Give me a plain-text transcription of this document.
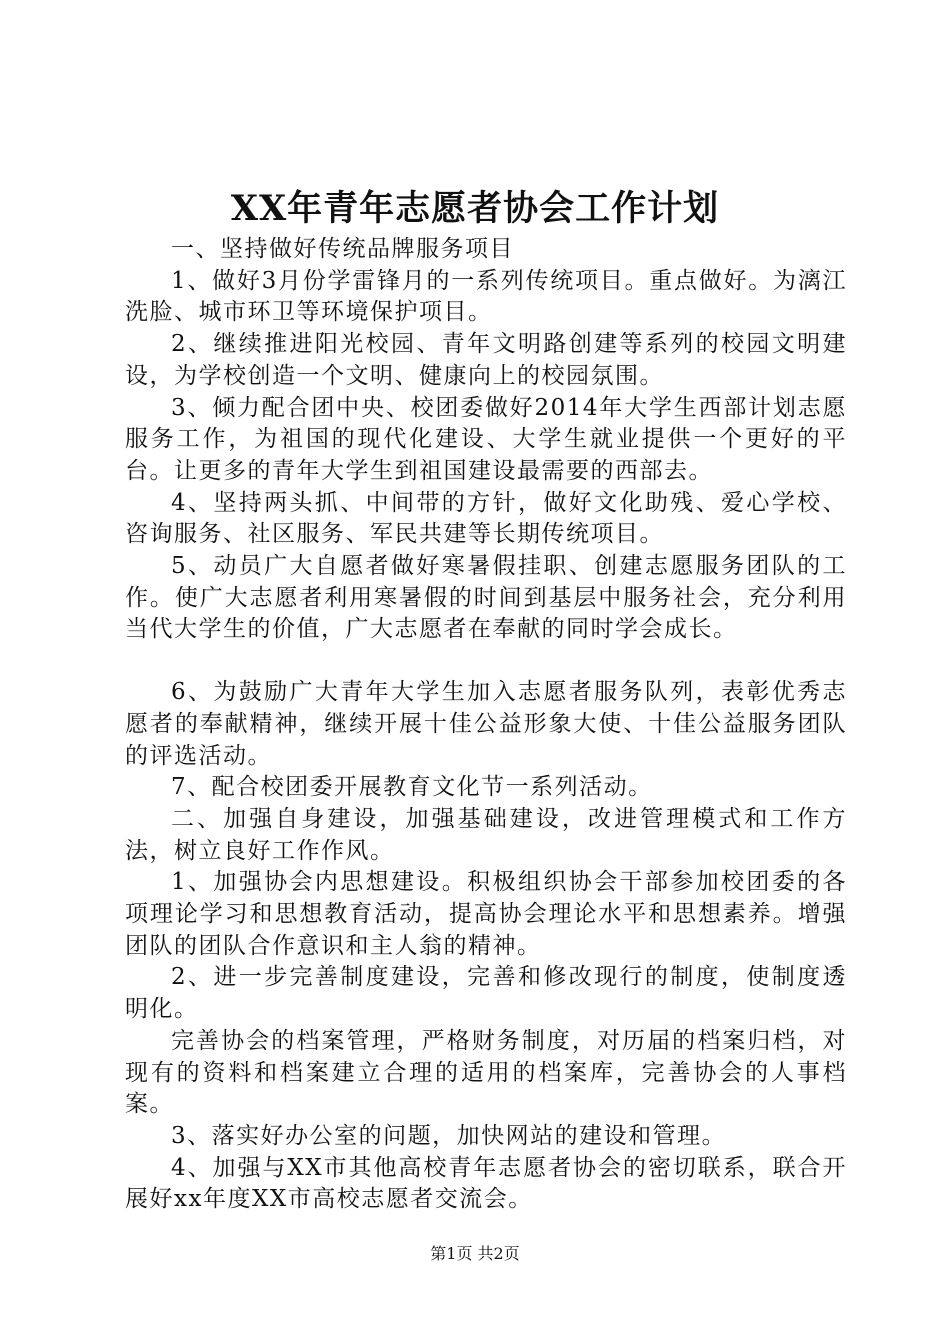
XX年青年志愿者协会工作计划

一、坚持做好传统品牌服务项目

1、做好3月份学雷锋月的一系列传统项目。重点做好。为漓江洗脸、城市环卫等环境保护项目。

2、继续推进阳光校园、青年文明路创建等系列的校园文明建设，为学校创造一个文明、健康向上的校园氛围。

3、倾力配合团中央、校团委做好2014年大学生西部计划志愿服务工作，为祖国的现代化建设、大学生就业提供一个更好的平台。让更多的青年大学生到祖国建设最需要的西部去。

4、坚持两头抓、中间带的方针，做好文化助残、爱心学校、咨询服务、社区服务、军民共建等长期传统项目。

5、动员广大自愿者做好寒暑假挂职、创建志愿服务团队的工作。使广大志愿者利用寒暑假的时间到基层中服务社会，充分利用当代大学生的价值，广大志愿者在奉献的同时学会成长。

6、为鼓励广大青年大学生加入志愿者服务队列，表彰优秀志愿者的奉献精神，继续开展十佳公益形象大使、十佳公益服务团队的评选活动。

7、配合校团委开展教育文化节一系列活动。

二、加强自身建设，加强基础建设，改进管理模式和工作方法，树立良好工作作风。

1、加强协会内思想建设。积极组织协会干部参加校团委的各项理论学习和思想教育活动，提高协会理论水平和思想素养。增强团队的团队合作意识和主人翁的精神。

2、进一步完善制度建设，完善和修改现行的制度，使制度透明化。

完善协会的档案管理，严格财务制度，对历届的档案归档，对现有的资料和档案建立合理的适用的档案库，完善协会的人事档案。

3、落实好办公室的问题，加快网站的建设和管理。

4、加强与XX市其他高校青年志愿者协会的密切联系，联合开展好xx年度XX市高校志愿者交流会。

第1页 共2页
